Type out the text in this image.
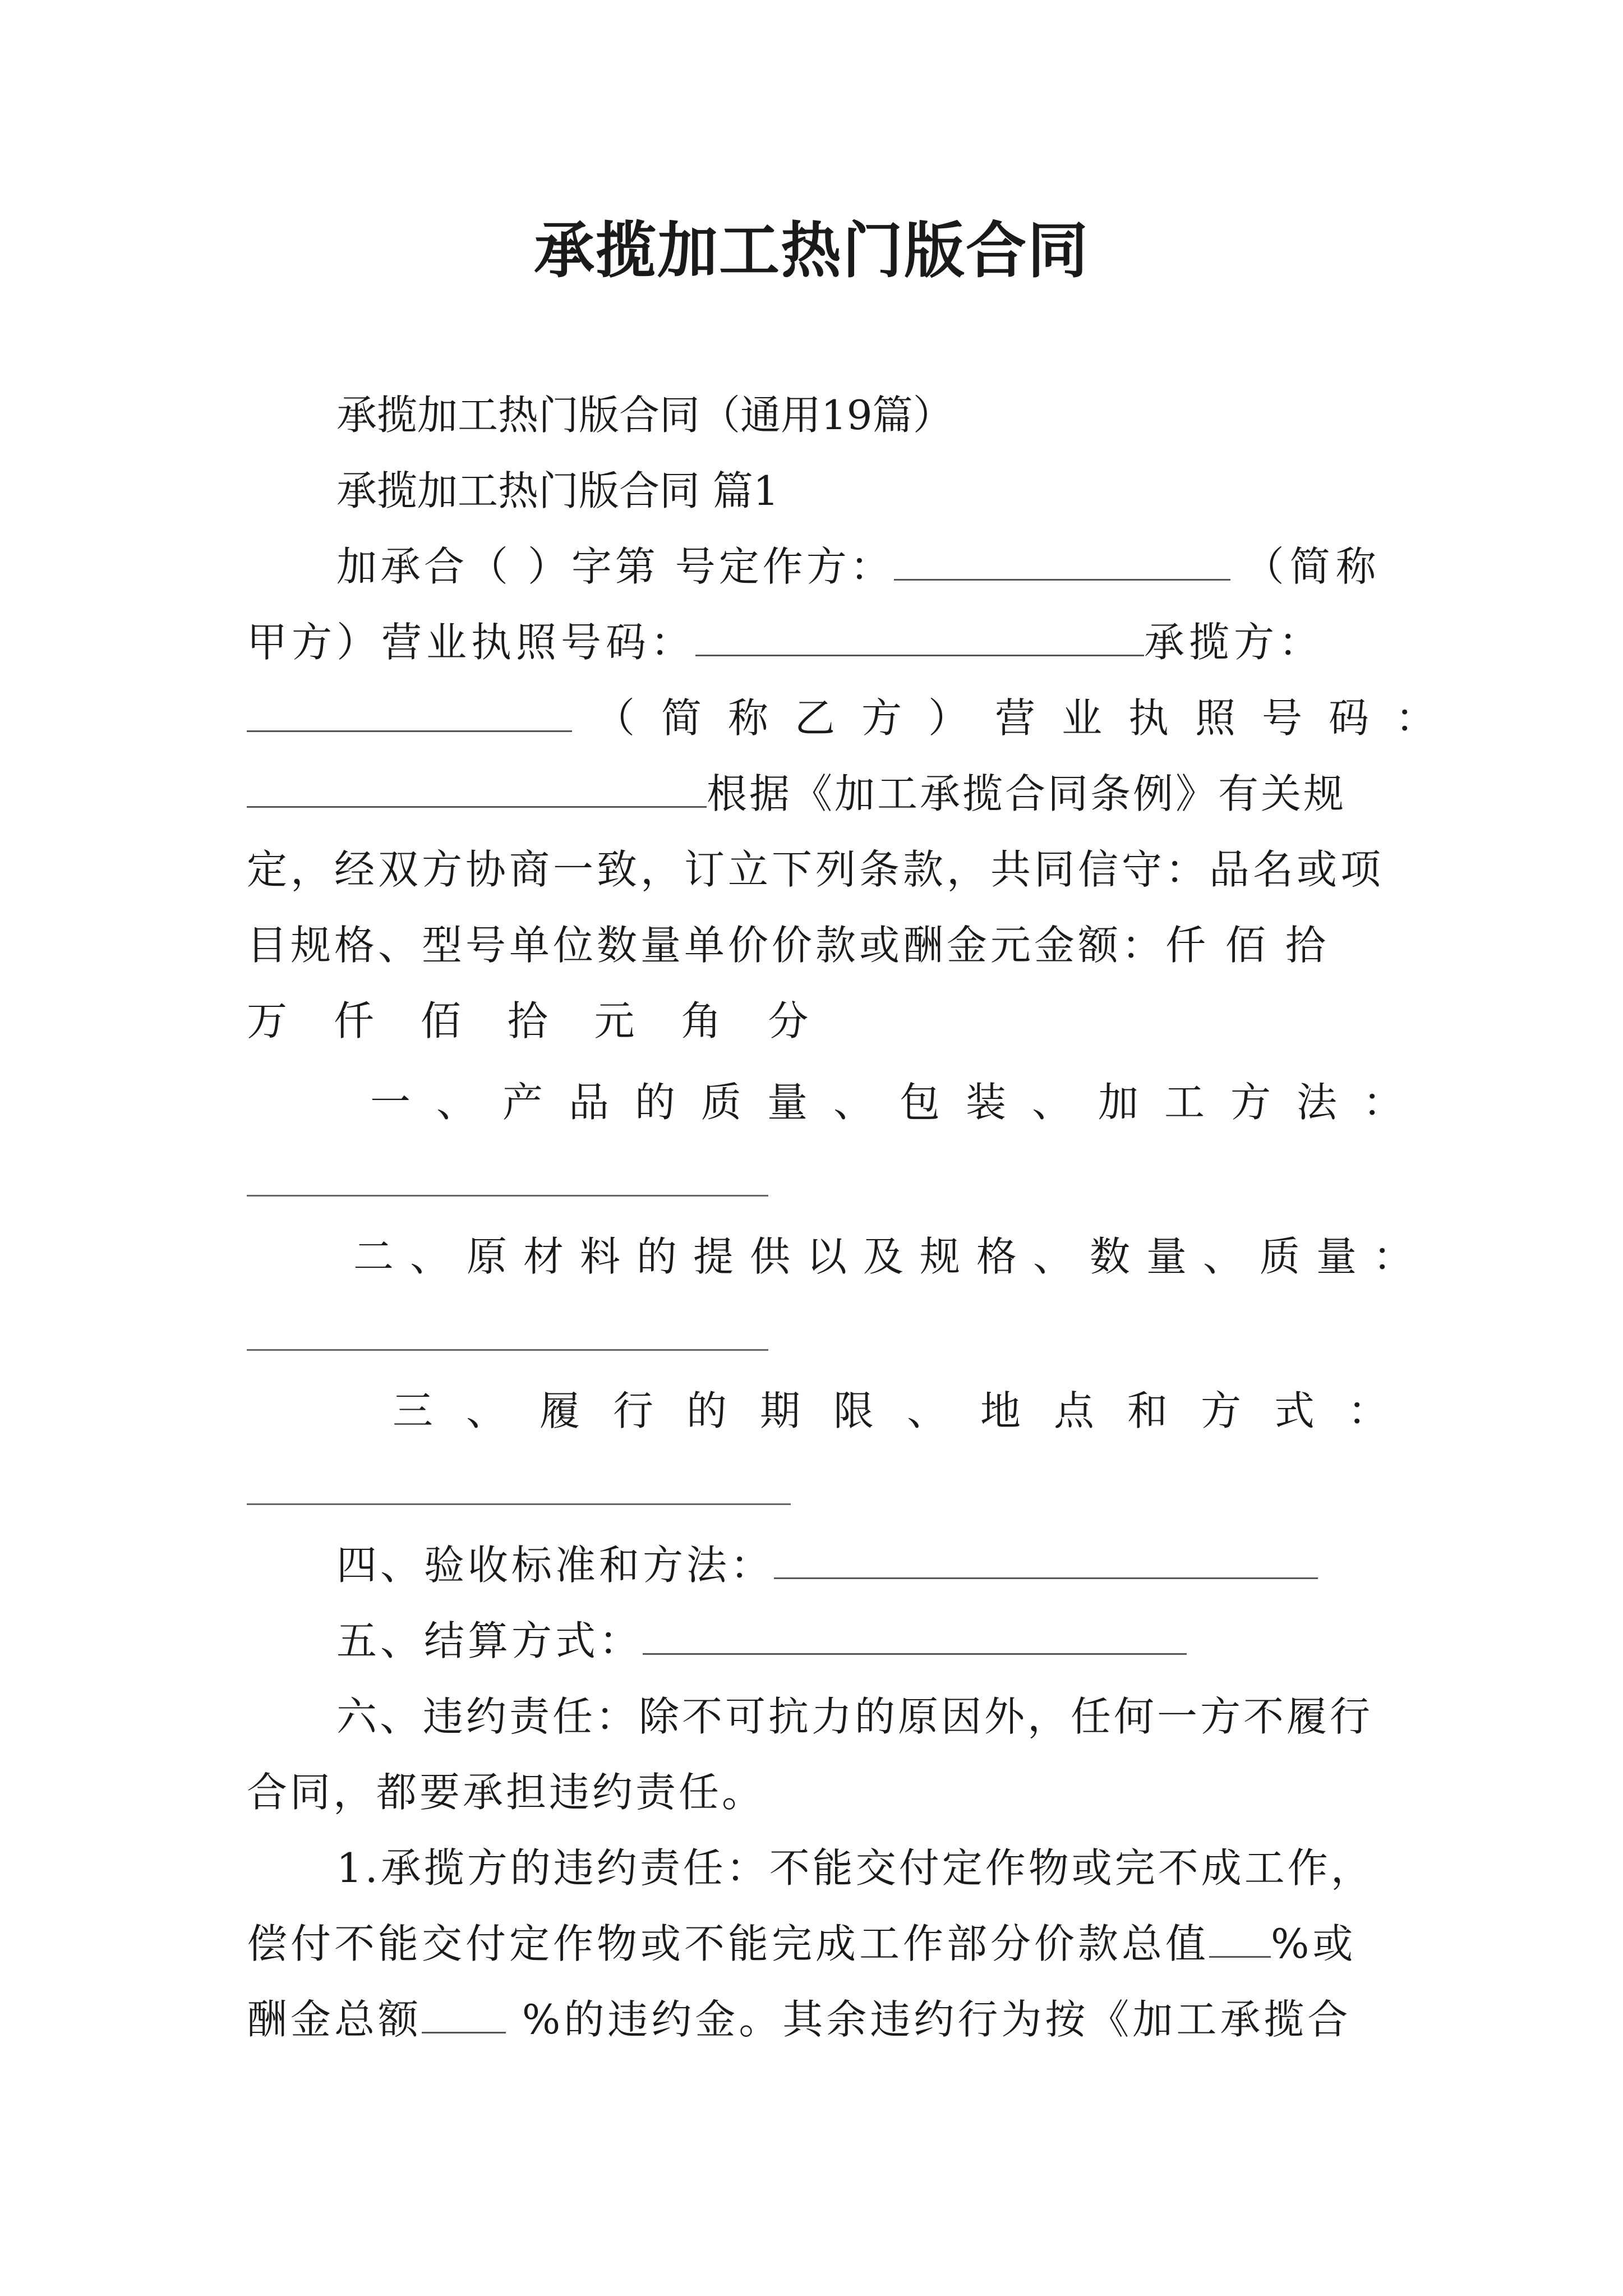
承揽加工热门版合同
承揽加工热门版合同（通用19篇）
承揽加工热门版合同 篇1
加承合（ ）字第 号定作方：	（简称
甲方）营业执照号码：	承揽方：
（简称乙方）营业执照号码：
根据《加工承揽合同条例》有关规
定，经双方协商一致，订立下列条款，共同信守：品名或项
目规格、型号单位数量单价价款或酬金元金额：仟 佰 拾
万 仟 佰 拾 元 角 分
一、产品的质量、包装、加工方法：
二、原材料的提供以及规格、数量、质量：
三、履行的期限、地点和方式：
四、验收标准和方法：
五、结算方式：
六、违约责任：除不可抗力的原因外，任何一方不履行
合同，都要承担违约责任。
1.承揽方的违约责任：不能交付定作物或完不成工作，
偿付不能交付定作物或不能完成工作部分价款总值 %或
酬金总额 %的违约金。其余违约行为按《加工承揽合
